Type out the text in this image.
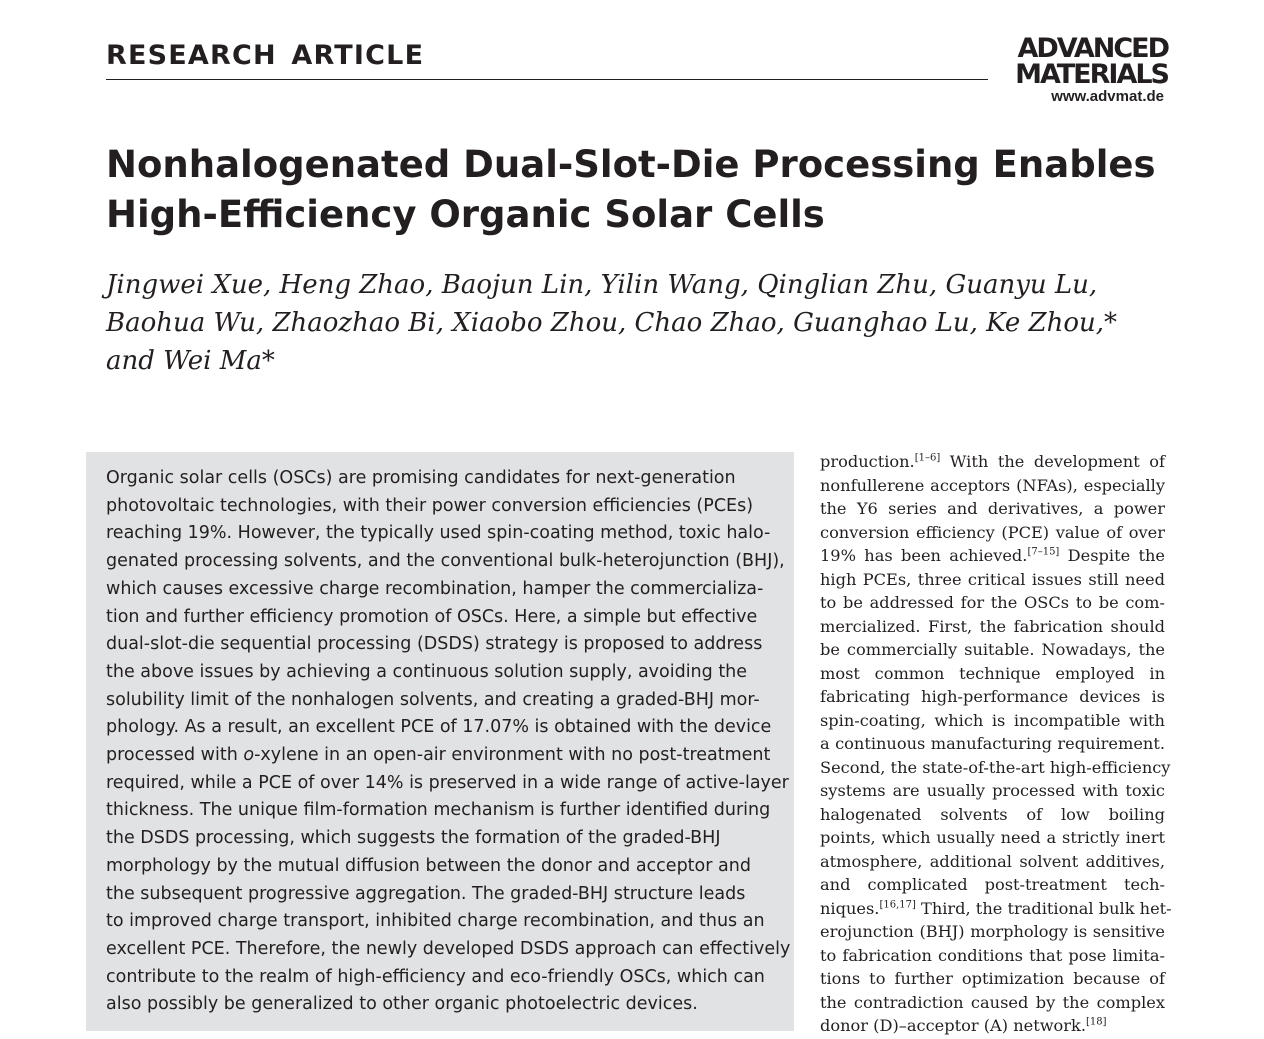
RESEARCH ARTICLE	ADVANCED
MATERIALS
www.advmat.de
Nonhalogenated Dual-Slot-Die Processing Enables
High-Efficiency Organic Solar Cells
Jingwei Xue, Heng Zhao, Baojun Lin, Yilin Wang, Qinglian Zhu, Guanyu Lu,
Baohua Wu, Zhaozhao Bi, Xiaobo Zhou, Chao Zhao, Guanghao Lu, Ke Zhou,*
and Wei Ma*
Organic solar cells (OSCs) are promising candidates for next-generation
photovoltaic technologies, with their power conversion efficiencies (PCEs)
reaching 19%. However, the typically used spin-coating method, toxic halo-
genated processing solvents, and the conventional bulk-heterojunction (BHJ),
which causes excessive charge recombination, hamper the commercializa-
tion and further efficiency promotion of OSCs. Here, a simple but effective
dual-slot-die sequential processing (DSDS) strategy is proposed to address
the above issues by achieving a continuous solution supply, avoiding the
solubility limit of the nonhalogen solvents, and creating a graded-BHJ mor-
phology. As a result, an excellent PCE of 17.07% is obtained with the device
processed with o-xylene in an open-air environment with no post-treatment
required, while a PCE of over 14% is preserved in a wide range of active-layer
thickness. The unique film-formation mechanism is further identified during
the DSDS processing, which suggests the formation of the graded-BHJ
morphology by the mutual diffusion between the donor and acceptor and
the subsequent progressive aggregation. The graded-BHJ structure leads
to improved charge transport, inhibited charge recombination, and thus an
excellent PCE. Therefore, the newly developed DSDS approach can effectively
contribute to the realm of high-efficiency and eco-friendly OSCs, which can
also possibly be generalized to other organic photoelectric devices.
production.[1–6] With the development of
nonfullerene acceptors (NFAs), especially
the Y6 series and derivatives, a power
conversion efficiency (PCE) value of over
19% has been achieved.[7–15] Despite the
high PCEs, three critical issues still need
to be addressed for the OSCs to be com-
mercialized. First, the fabrication should
be commercially suitable. Nowadays, the
most common technique employed in
fabricating high-performance devices is
spin-coating, which is incompatible with
a continuous manufacturing requirement.
Second, the state-of-the-art high-efficiency
systems are usually processed with toxic
halogenated solvents of low boiling
points, which usually need a strictly inert
atmosphere, additional solvent additives,
and complicated post-treatment tech-
niques.[16,17] Third, the traditional bulk het-
erojunction (BHJ) morphology is sensitive
to fabrication conditions that pose limita-
tions to further optimization because of
the contradiction caused by the complex
donor (D)–acceptor (A) network.[18]
